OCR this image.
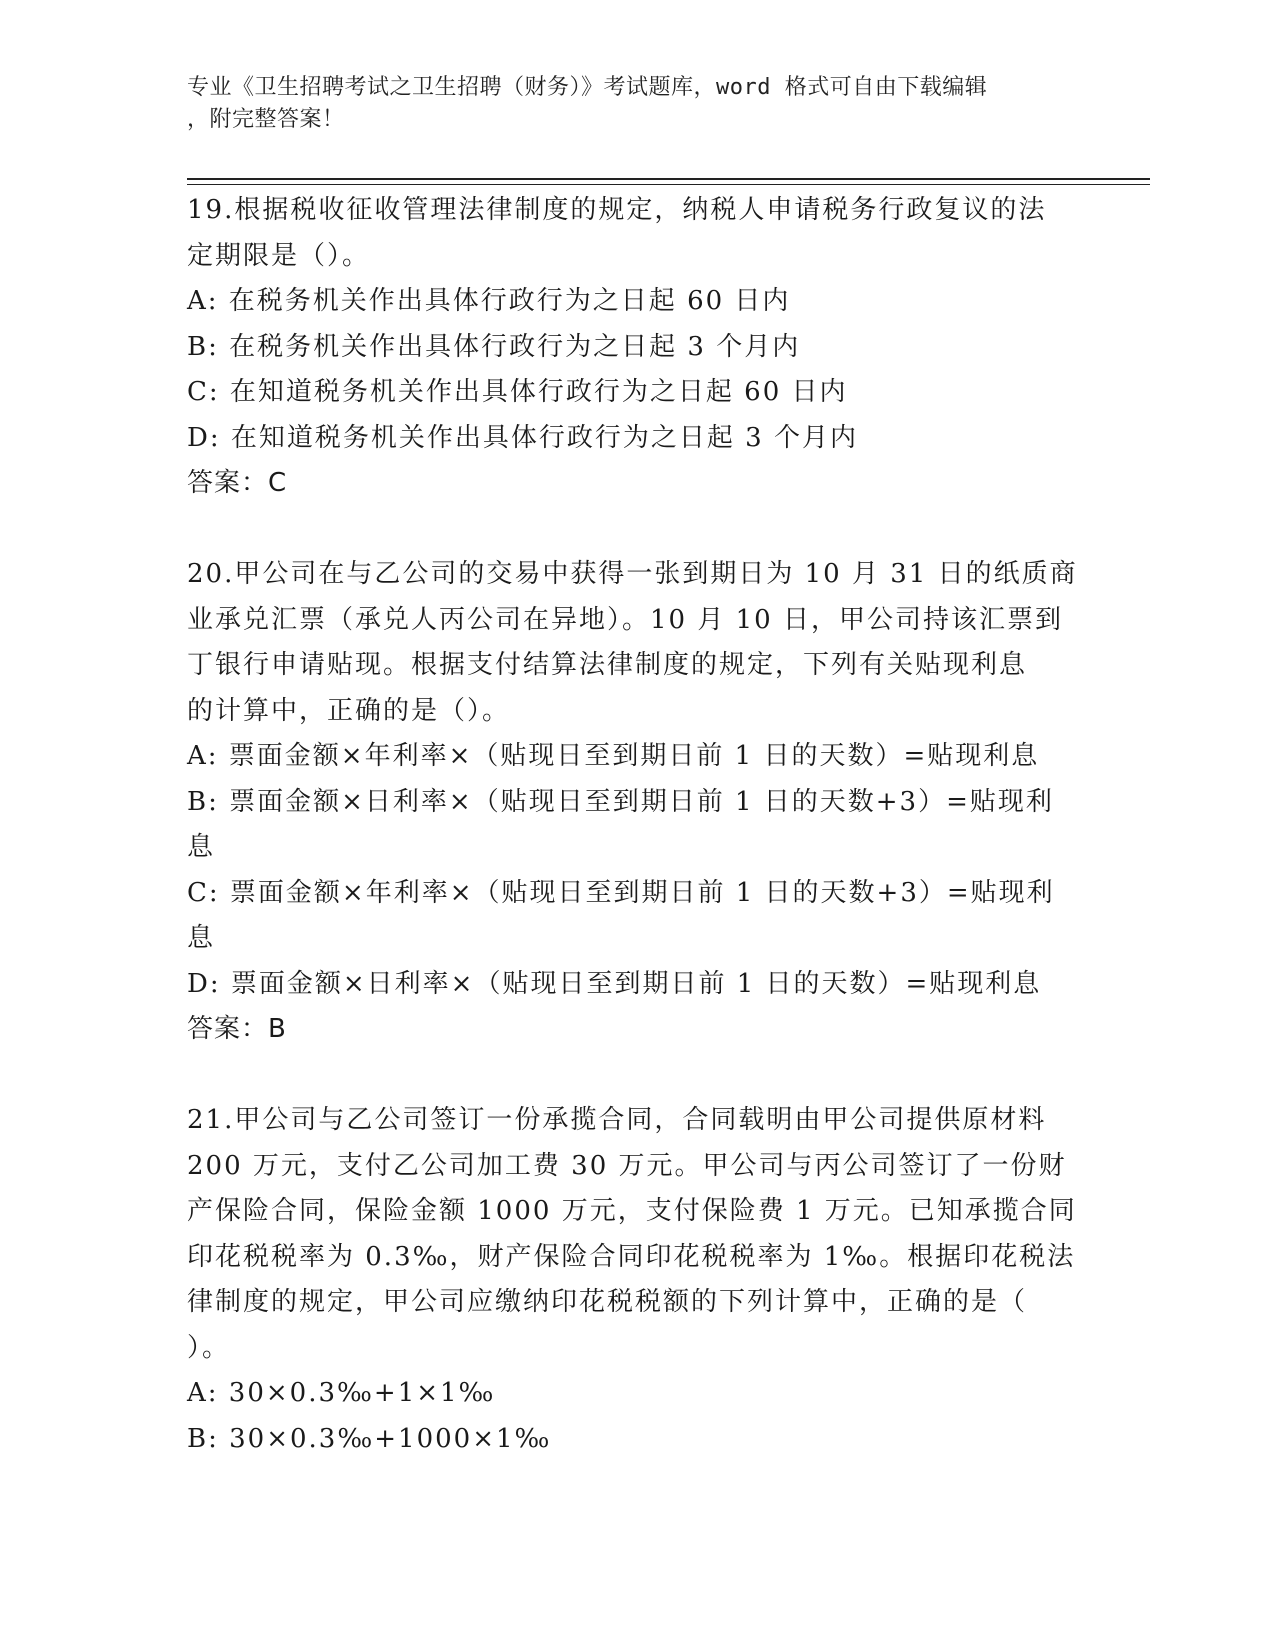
专业《卫生招聘考试之卫生招聘（财务）》考试题库，word 格式可自由下载编辑
，附完整答案！
19.根据税收征收管理法律制度的规定，纳税人申请税务行政复议的法
定期限是（）。
A: 在税务机关作出具体行政行为之日起 60 日内
B: 在税务机关作出具体行政行为之日起 3 个月内
C: 在知道税务机关作出具体行政行为之日起 60 日内
D: 在知道税务机关作出具体行政行为之日起 3 个月内
答案：C
20.甲公司在与乙公司的交易中获得一张到期日为 10 月 31 日的纸质商
业承兑汇票（承兑人丙公司在异地）。10 月 10 日，甲公司持该汇票到
丁银行申请贴现。根据支付结算法律制度的规定，下列有关贴现利息
的计算中，正确的是（）。
A: 票面金额×年利率×（贴现日至到期日前 1 日的天数）=贴现利息
B: 票面金额×日利率×（贴现日至到期日前 1 日的天数+3）=贴现利
息
C: 票面金额×年利率×（贴现日至到期日前 1 日的天数+3）=贴现利
息
D: 票面金额×日利率×（贴现日至到期日前 1 日的天数）=贴现利息
答案：B
21.甲公司与乙公司签订一份承揽合同，合同载明由甲公司提供原材料
200 万元，支付乙公司加工费 30 万元。甲公司与丙公司签订了一份财
产保险合同，保险金额 1000 万元，支付保险费 1 万元。已知承揽合同
印花税税率为 0.3‰，财产保险合同印花税税率为 1‰。根据印花税法
律制度的规定，甲公司应缴纳印花税税额的下列计算中，正确的是（
）。
A: 30×0.3‰+1×1‰
B: 30×0.3‰+1000×1‰
